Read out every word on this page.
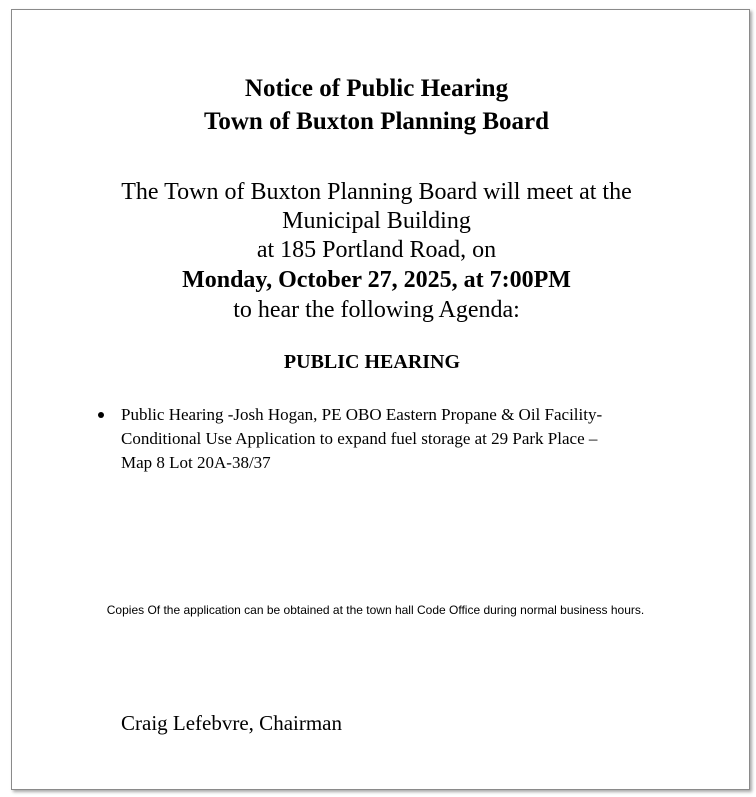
Notice of Public Hearing
Town of Buxton Planning Board

The Town of Buxton Planning Board will meet at the

Municipal Building

at 185 Portland Road, on

Monday, October 27, 2025, at 7:00PM

to hear the following Agenda:

PUBLIC HEARING
Public Hearing -Josh Hogan, PE OBO Eastern Propane & Oil Facility-
Conditional Use Application to expand fuel storage at 29 Park Place –
Map 8 Lot 20A-38/37

Copies Of the application can be obtained at the town hall Code Office during normal business hours.

Craig Lefebvre, Chairman
